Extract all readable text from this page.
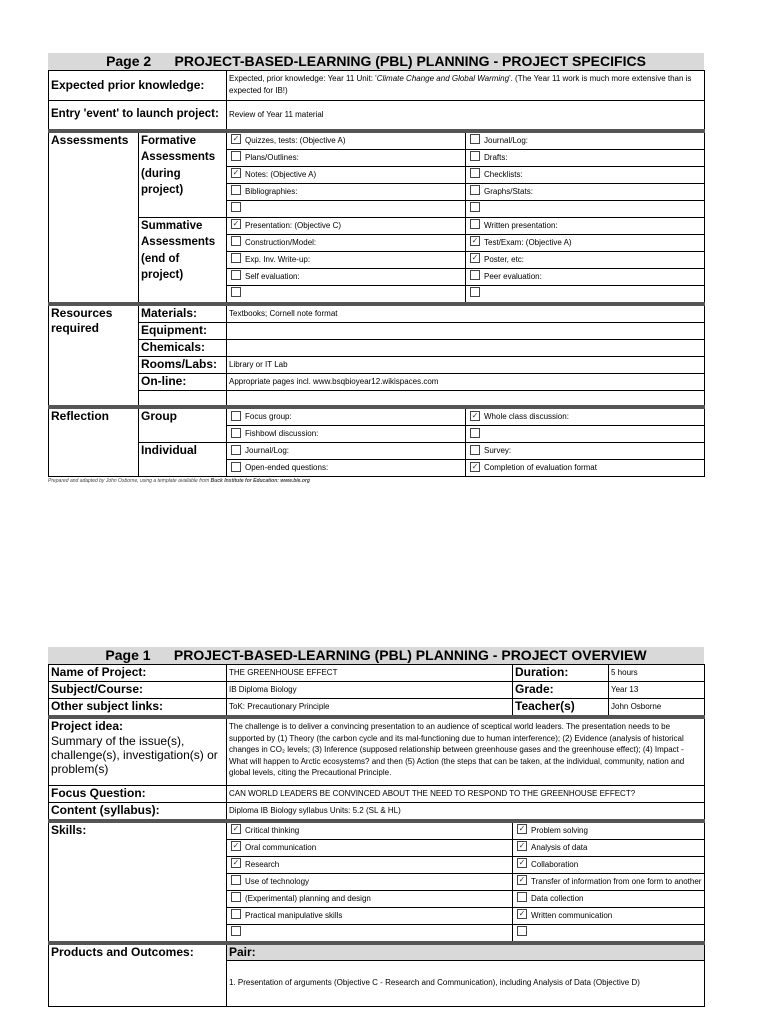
Page 2 PROJECT-BASED-LEARNING (PBL) PLANNING - PROJECT SPECIFICS
Expected prior knowledge:		Expected, prior knowledge: Year 11 Unit: 'Climate Change and Global Warming'. (The Year 11 work is much more extensive than is expected for IB!)	
Entry 'event' to launch project:		Review of Year 11 material	
Assessments	Formative Assessments (during project)	✓ Quizzes, tests: (Objective A)	Journal/Log:
		Plans/Outlines:	Drafts:
		✓ Notes: (Objective A)	Checklists:
		Bibliographies:	Graphs/Stats:

	Summative Assessments (end of project)	✓ Presentation: (Objective C)	Written presentation:
		Construction/Model:	✓ Test/Exam: (Objective A)
		Exp. Inv. Write-up:	✓ Poster, etc:
		Self evaluation:	Peer evaluation:

Resources required	Materials:	Textbooks; Cornell note format	
	Equipment:		
	Chemicals:		
	Rooms/Labs:	Library or IT Lab	
	On-line:	Appropriate pages incl. www.bsqbioyear12.wikispaces.com	

Reflection	Group	Focus group:	✓ Whole class discussion:
		Fishbowl discussion:	
	Individual	Journal/Log:	Survey:
		Open-ended questions:	✓ Completion of evaluation format
Prepared and adapted by John Osborne, using a template available from Buck Institute for Education: www.bie.org
Page 1 PROJECT-BASED-LEARNING (PBL) PLANNING - PROJECT OVERVIEW
Name of Project:	THE GREENHOUSE EFFECT	Duration:	5 hours
Subject/Course:	IB Diploma Biology	Grade:	Year 13
Other subject links:	ToK: Precautionary Principle	Teacher(s)	John Osborne

Project idea:
Summary of the issue(s), challenge(s), investigation(s) or problem(s)	The challenge is to deliver a convincing presentation to an audience of sceptical world leaders. The presentation needs to be supported by (1) Theory (the carbon cycle and its mal-functioning due to human interference); (2) Evidence (analysis of historical changes in CO₂ levels; (3) Inference (supposed relationship between greenhouse gases and the greenhouse effect); (4) Impact - What will happen to Arctic ecosystems? and then (5) Action (the steps that can be taken, at the individual, community, nation and global levels, citing the Precautional Principle.		
Focus Question:	CAN WORLD LEADERS BE CONVINCED ABOUT THE NEED TO RESPOND TO THE GREENHOUSE EFFECT?		
Content (syllabus):	Diploma IB Biology syllabus Units: 5.2 (SL & HL)		
Skills:	✓ Critical thinking	✓ Problem solving	
	✓ Oral communication	✓ Analysis of data	
	✓ Research	✓ Collaboration	
	Use of technology	✓ Transfer of information from one form to another	
	(Experimental) planning and design	Data collection	
	Practical manipulative skills	✓ Written communication	

Products and Outcomes:	Pair:		
	1. Presentation of arguments (Objective C - Research and Communication), including Analysis of Data (Objective D)		
